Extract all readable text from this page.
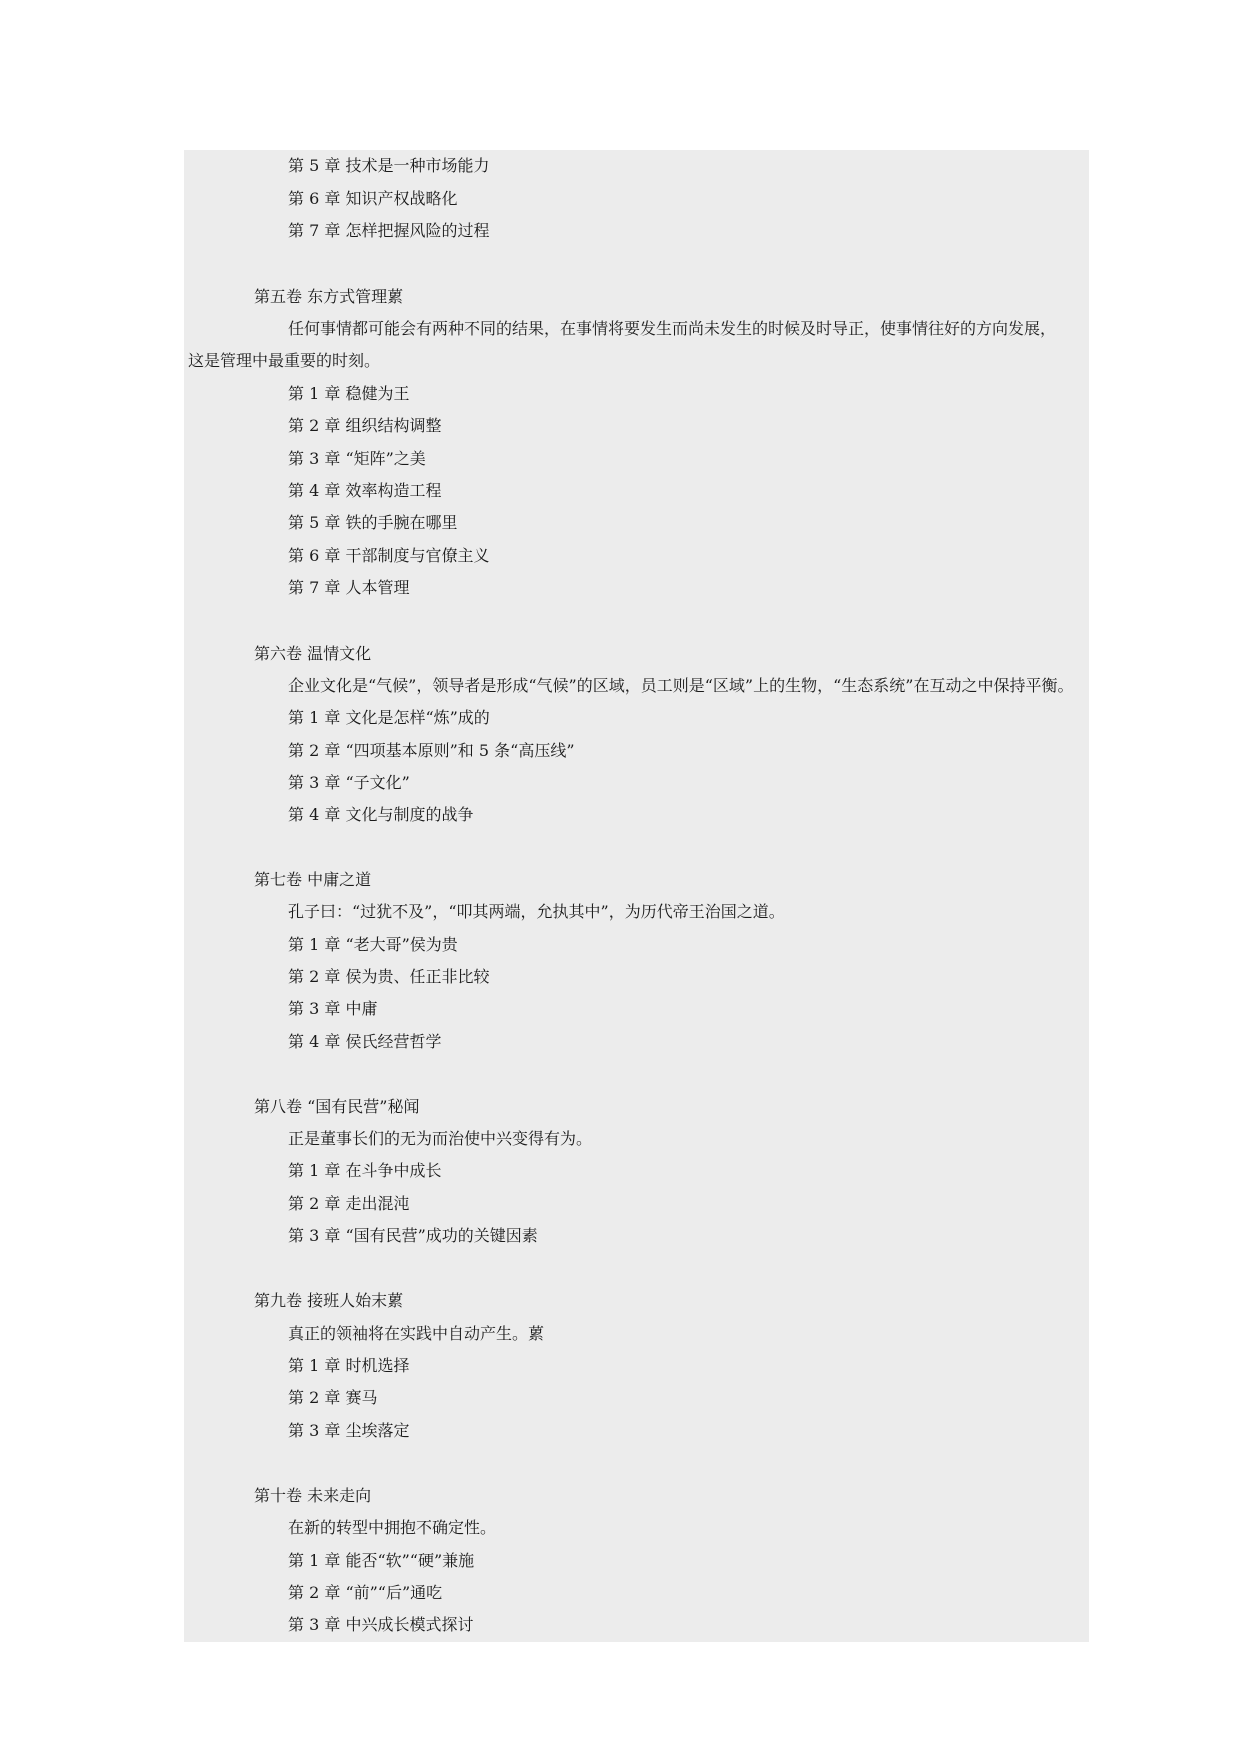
第 5 章 技术是一种市场能力
第 6 章 知识产权战略化
第 7 章 怎样把握风险的过程
第五卷 东方式管理蔂
任何事情都可能会有两种不同的结果，在事情将要发生而尚未发生的时候及时导正，使事情往好的方向发展，
这是管理中最重要的时刻。
第 1 章 稳健为王
第 2 章 组织结构调整
第 3 章 “矩阵”之美
第 4 章 效率构造工程
第 5 章 铁的手腕在哪里
第 6 章 干部制度与官僚主义
第 7 章 人本管理
第六卷 温情文化
企业文化是“气候”，领导者是形成“气候”的区域，员工则是“区域”上的生物，“生态系统”在互动之中保持平衡。
第 1 章 文化是怎样“炼”成的
第 2 章 “四项基本原则”和 5 条“高压线”
第 3 章 “子文化”
第 4 章 文化与制度的战争
第七卷 中庸之道
孔子曰：“过犹不及”，“叩其两端，允执其中”，为历代帝王治国之道。
第 1 章 “老大哥”侯为贵
第 2 章 侯为贵、任正非比较
第 3 章 中庸
第 4 章 侯氏经营哲学
第八卷 “国有民营”秘闻
正是董事长们的无为而治使中兴变得有为。
第 1 章 在斗争中成长
第 2 章 走出混沌
第 3 章 “国有民营”成功的关键因素
第九卷 接班人始末蔂
真正的领袖将在实践中自动产生。蔂
第 1 章 时机选择
第 2 章 赛马
第 3 章 尘埃落定
第十卷 未来走向
在新的转型中拥抱不确定性。
第 1 章 能否“软”“硬”兼施
第 2 章 “前”“后”通吃
第 3 章 中兴成长模式探讨
